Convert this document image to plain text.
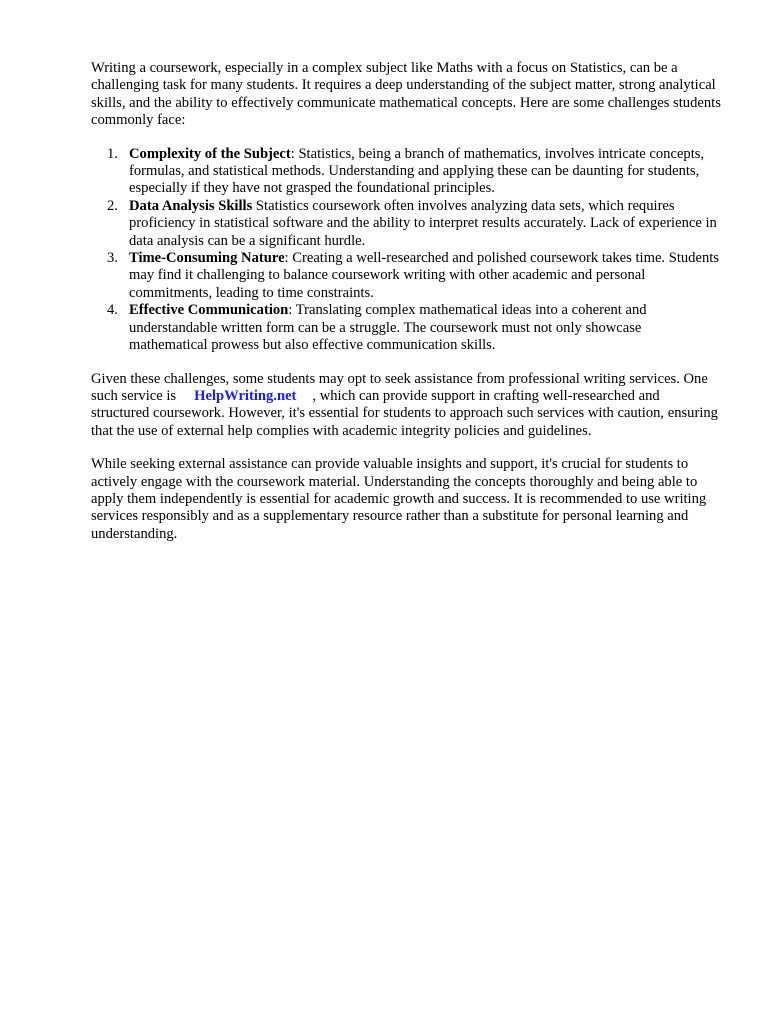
Writing a coursework, especially in a complex subject like Maths with a focus on Statistics, can be a challenging task for many students. It requires a deep understanding of the subject matter, strong analytical skills, and the ability to effectively communicate mathematical concepts. Here are some challenges students commonly face:

1. Complexity of the Subject: Statistics, being a branch of mathematics, involves intricate concepts, formulas, and statistical methods. Understanding and applying these can be daunting for students, especially if they have not grasped the foundational principles.
2. Data Analysis Skills Statistics coursework often involves analyzing data sets, which requires proficiency in statistical software and the ability to interpret results accurately. Lack of experience in data analysis can be a significant hurdle.
3. Time-Consuming Nature: Creating a well-researched and polished coursework takes time. Students may find it challenging to balance coursework writing with other academic and personal commitments, leading to time constraints.
4. Effective Communication: Translating complex mathematical ideas into a coherent and understandable written form can be a struggle. The coursework must not only showcase mathematical prowess but also effective communication skills.

Given these challenges, some students may opt to seek assistance from professional writing services. One such service is HelpWriting.net , which can provide support in crafting well-researched and structured coursework. However, it's essential for students to approach such services with caution, ensuring that the use of external help complies with academic integrity policies and guidelines.

While seeking external assistance can provide valuable insights and support, it's crucial for students to actively engage with the coursework material. Understanding the concepts thoroughly and being able to apply them independently is essential for academic growth and success. It is recommended to use writing services responsibly and as a supplementary resource rather than a substitute for personal learning and understanding.
